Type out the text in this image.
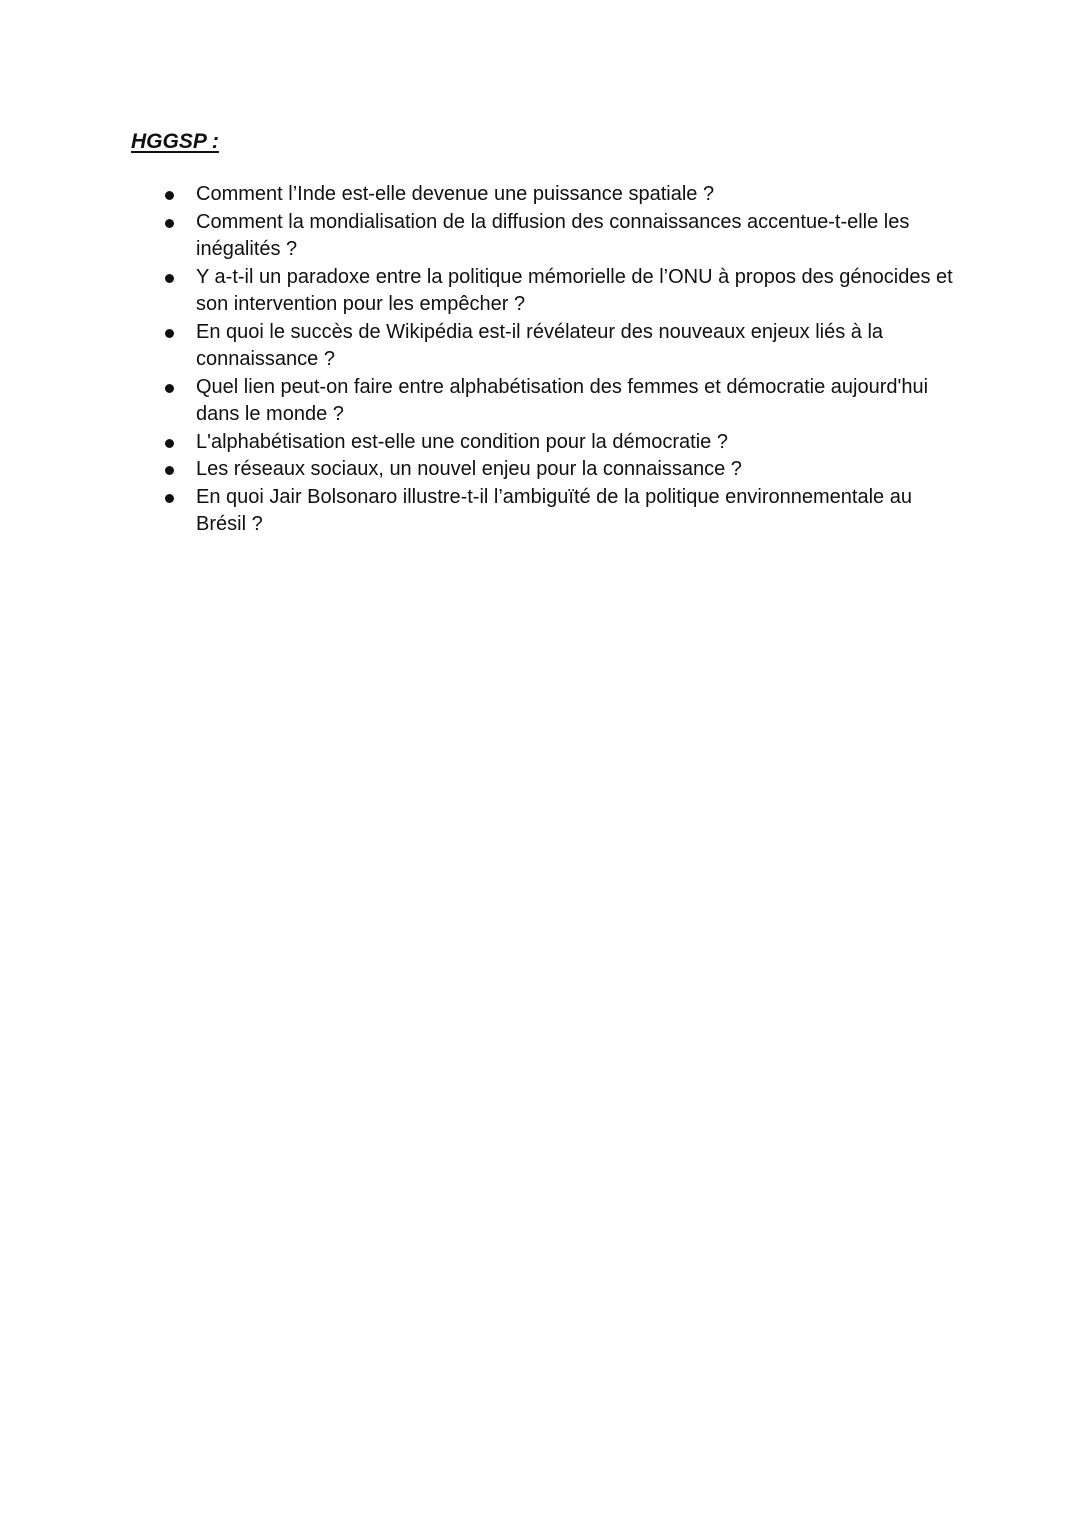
HGGSP :
Comment l’Inde est-elle devenue une puissance spatiale ?
Comment la mondialisation de la diffusion des connaissances accentue-t-elle les inégalités ?
Y a-t-il un paradoxe entre la politique mémorielle de l’ONU à propos des génocides et son intervention pour les empêcher ?
En quoi le succès de Wikipédia est-il révélateur des nouveaux enjeux liés à la connaissance ?
Quel lien peut-on faire entre alphabétisation des femmes et démocratie aujourd'hui dans le monde ?
L'alphabétisation est-elle une condition pour la démocratie ?
Les réseaux sociaux, un nouvel enjeu pour la connaissance ?
En quoi Jair Bolsonaro illustre-t-il l’ambiguïté de la politique environnementale au Brésil ?
